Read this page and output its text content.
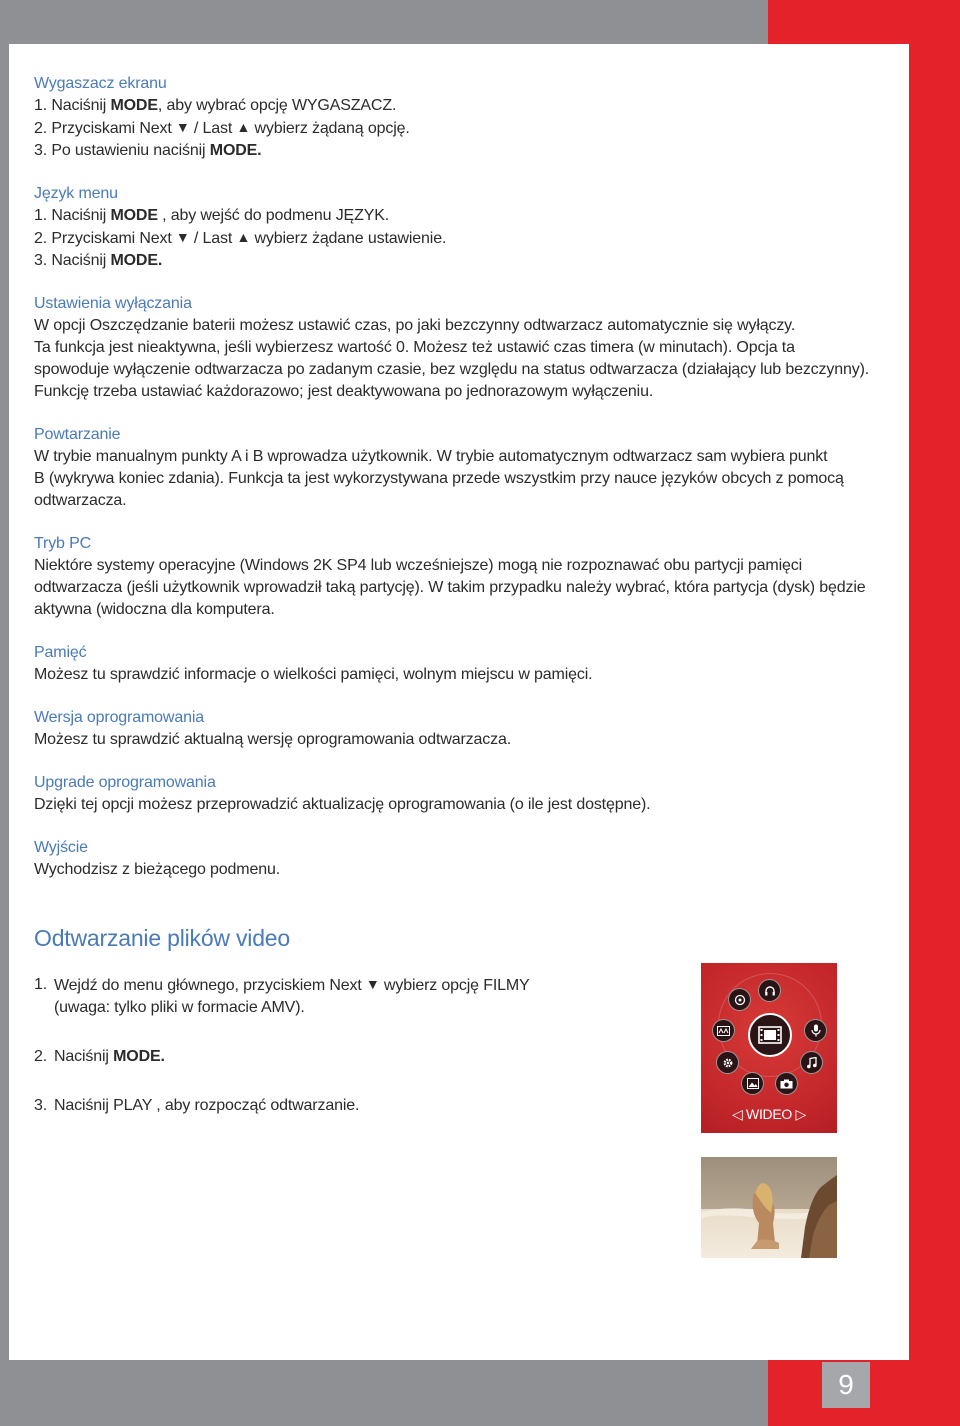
Wygaszacz ekranu
1. Naciśnij MODE, aby wybrać opcję WYGASZACZ.
2. Przyciskami Next ▼ / Last ▲ wybierz żądaną opcję.
3. Po ustawieniu naciśnij MODE.
Język menu
1. Naciśnij MODE , aby wejść do podmenu JĘZYK.
2. Przyciskami Next ▼ / Last ▲ wybierz żądane ustawienie.
3. Naciśnij MODE.
Ustawienia wyłączania
W opcji Oszczędzanie baterii możesz ustawić czas, po jaki bezczynny odtwarzacz automatycznie się wyłączy.
Ta funkcja jest nieaktywna, jeśli wybierzesz wartość 0. Możesz też ustawić czas timera (w minutach). Opcja ta
spowoduje wyłączenie odtwarzacza po zadanym czasie, bez względu na status odtwarzacza (działający lub bezczynny).
Funkcję trzeba ustawiać każdorazowo; jest deaktywowana po jednorazowym wyłączeniu.
Powtarzanie
W trybie manualnym punkty A i B wprowadza użytkownik. W trybie automatycznym odtwarzacz sam wybiera punkt
B (wykrywa koniec zdania). Funkcja ta jest wykorzystywana przede wszystkim przy nauce języków obcych z pomocą
odtwarzacza.
Tryb PC
Niektóre systemy operacyjne (Windows 2K SP4 lub wcześniejsze) mogą nie rozpoznawać obu partycji pamięci
odtwarzacza (jeśli użytkownik wprowadził taką partycję). W takim przypadku należy wybrać, która partycja (dysk) będzie
aktywna (widoczna dla komputera.
Pamięć
Możesz tu sprawdzić informacje o wielkości pamięci, wolnym miejscu w pamięci.
Wersja oprogramowania
Możesz tu sprawdzić aktualną wersję oprogramowania odtwarzacza.
Upgrade oprogramowania
Dzięki tej opcji możesz przeprowadzić aktualizację oprogramowania (o ile jest dostępne).
Wyjście
Wychodzisz z bieżącego podmenu.
Odtwarzanie plików video
1. Wejdź do menu głównego, przyciskiem Next ▼ wybierz opcję FILMY
(uwaga: tylko pliki w formacie AMV).
2. Naciśnij MODE.
3. Naciśnij PLAY , aby rozpocząć odtwarzanie.	◁ WIDEO ▷
9
